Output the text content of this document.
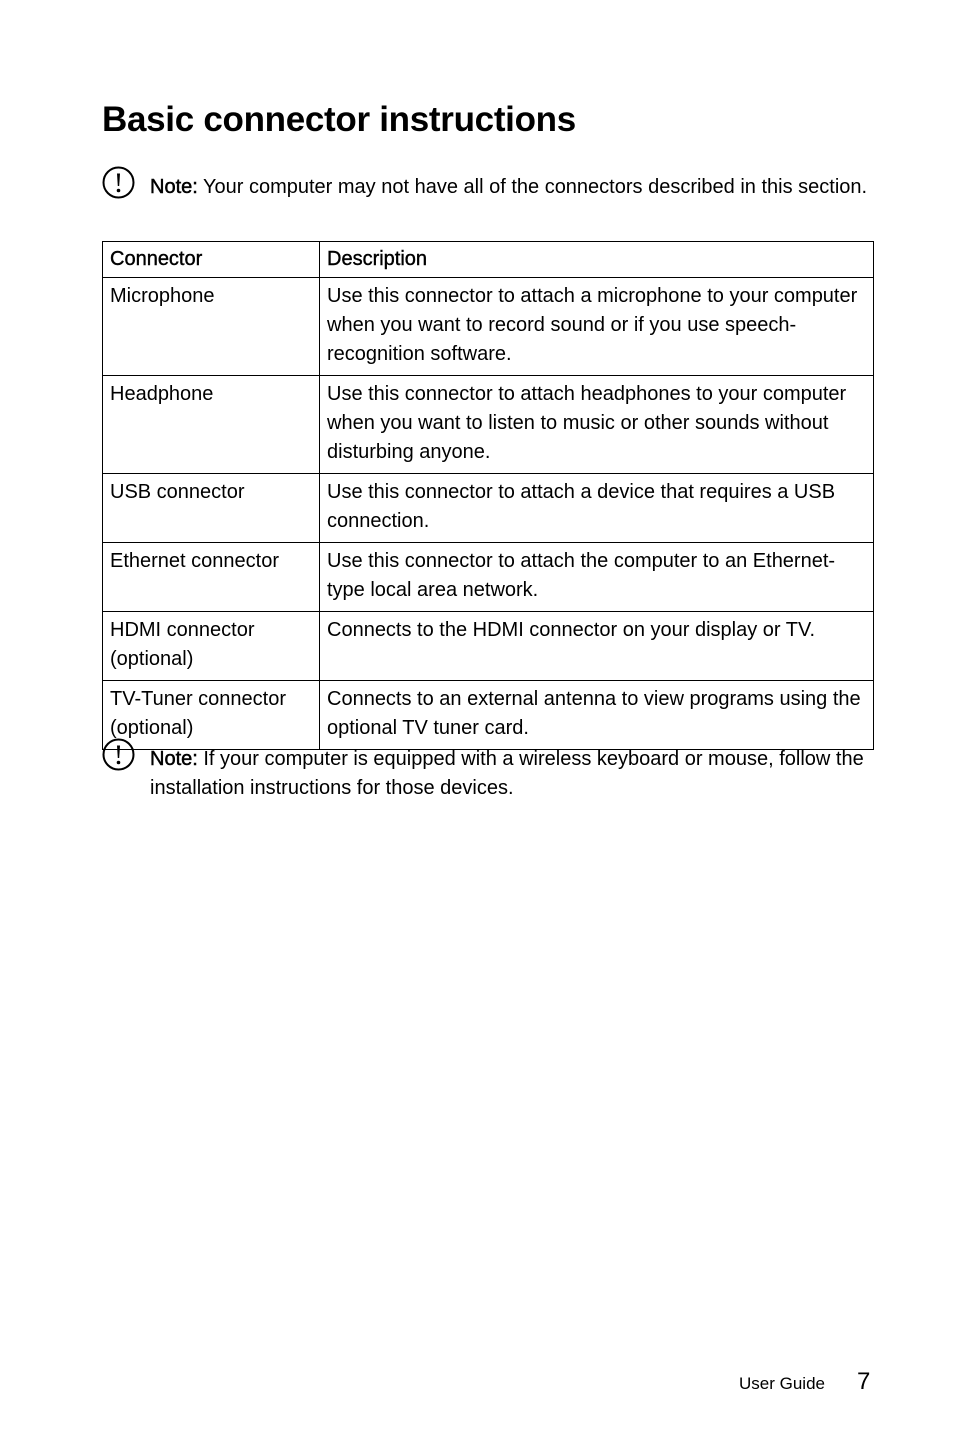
Basic connector instructions

Note: Your computer may not have all of the connectors described in this section.

Connector	Description
Microphone	Use this connector to attach a microphone to your computer when you want to record sound or if you use speech-recognition software.
Headphone	Use this connector to attach headphones to your computer when you want to listen to music or other sounds without disturbing anyone.
USB connector	Use this connector to attach a device that requires a USB connection.
Ethernet connector	Use this connector to attach the computer to an Ethernet-type local area network.
HDMI connector (optional)	Connects to the HDMI connector on your display or TV.
TV-Tuner connector (optional)	Connects to an external antenna to view programs using the optional TV tuner card.

Note: If your computer is equipped with a wireless keyboard or mouse, follow the installation instructions for those devices.

User Guide 7
